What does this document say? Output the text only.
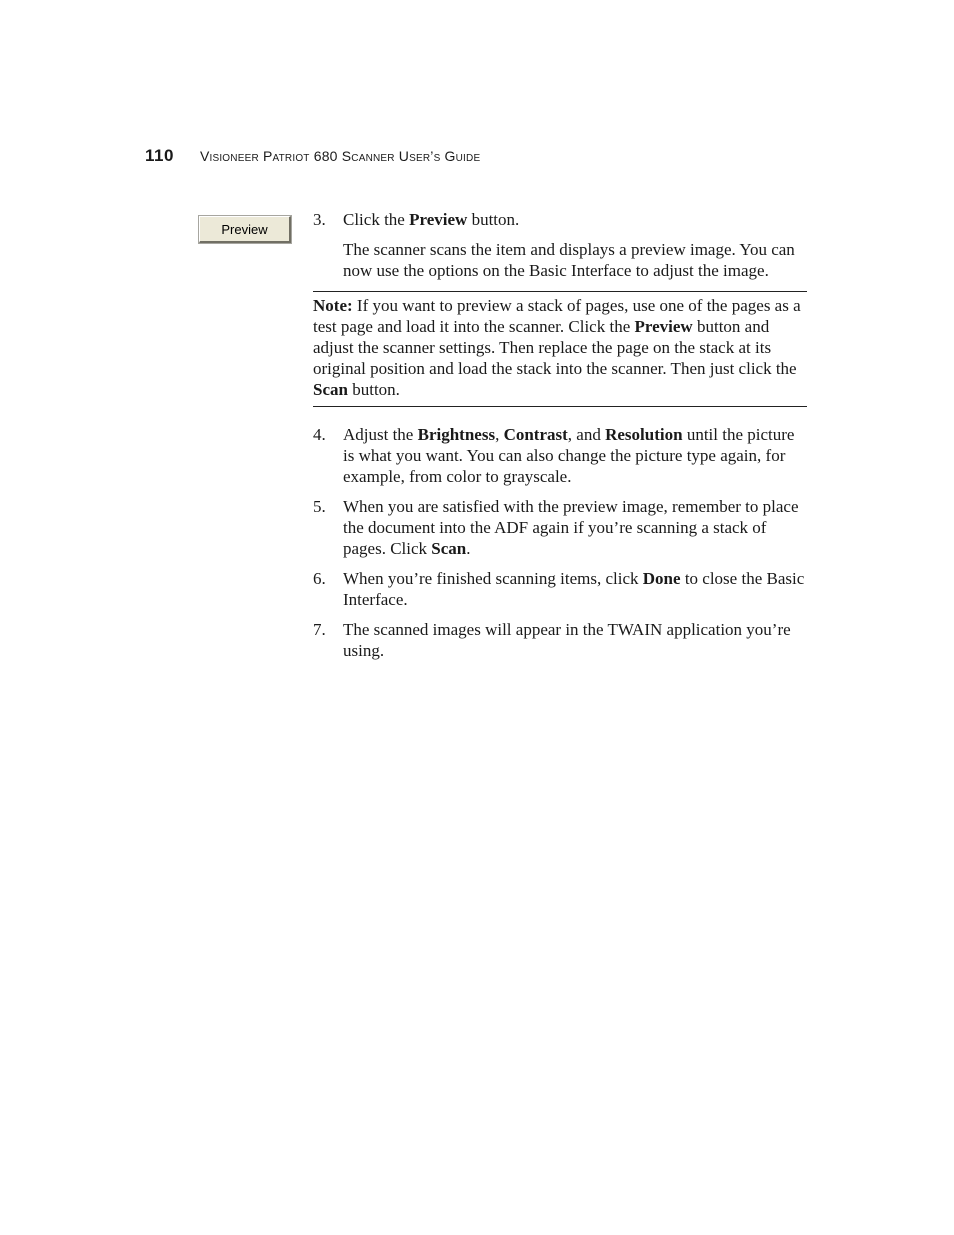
110 Visioneer Patriot 680 Scanner User’s Guide
Preview	3.	Click the Preview button.
The scanner scans the item and displays a preview image. You can now use the options on the Basic Interface to adjust the image.
Note: If you want to preview a stack of pages, use one of the pages as a test page and load it into the scanner. Click the Preview button and adjust the scanner settings. Then replace the page on the stack at its original position and load the stack into the scanner. Then just click the Scan button.
4.	Adjust the Brightness, Contrast, and Resolution until the picture is what you want. You can also change the picture type again, for example, from color to grayscale.
5.	When you are satisfied with the preview image, remember to place the document into the ADF again if you’re scanning a stack of pages. Click Scan.
6.	When you’re finished scanning items, click Done to close the Basic Interface.
7.	The scanned images will appear in the TWAIN application you’re using.
